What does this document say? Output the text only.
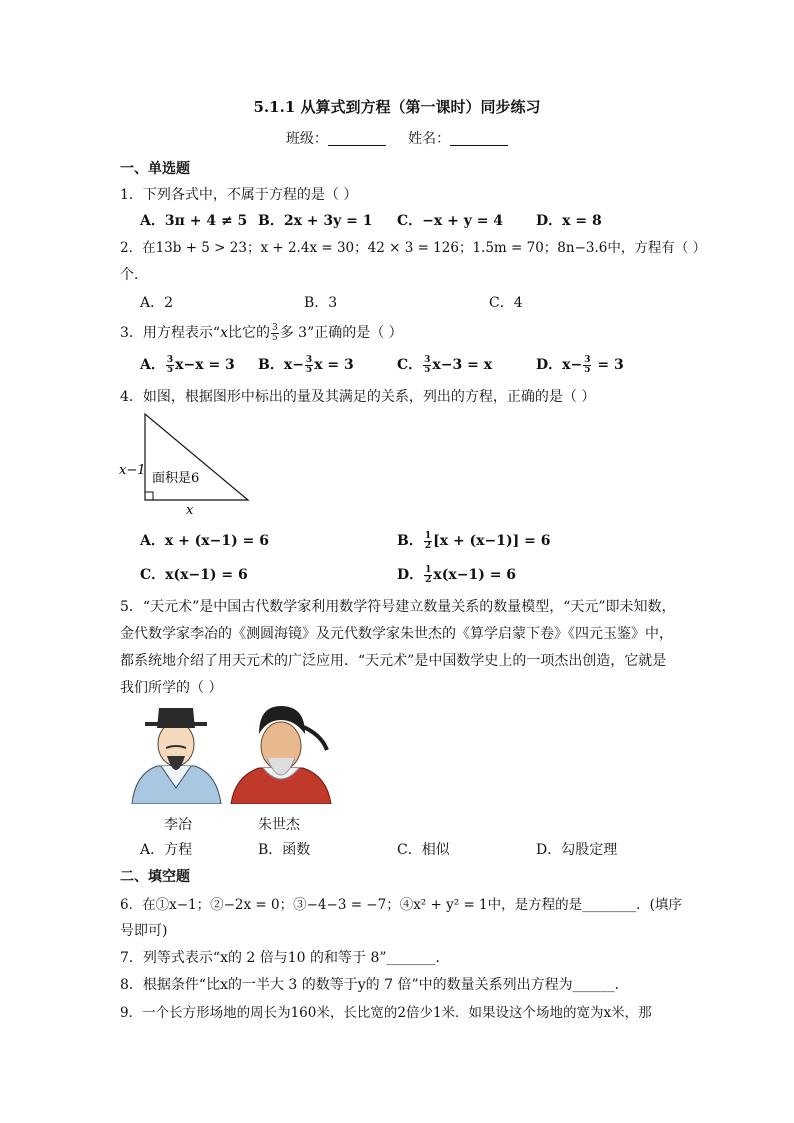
5.1.1 从算式到方程（第一课时）同步练习
班级：	姓名：
一、单选题
1．下列各式中，不属于方程的是（ ）
A．3π + 4 ≠ 5 B．2x + 3y = 1 C．−x + y = 4 D．x = 8
2．在13b + 5 > 23；x + 2.4x = 30；42 × 3 = 126；1.5m = 70；8n−3.6中，方程有（ ）
个．
A．2	B．3	C．4
3．用方程表示“x比它的 $\frac{3}{5}$ 多 3”正确的是（ ）
A． $\frac{3}{5} x-x = 3$ B．$x- \frac{3}{5}$ x = 3	C． $\frac{3}{5} x-3 = x$	D．$x- \frac{3}{5} = 3$
4．如图，根据图形中标出的量及其满足的关系，列出的方程，正确的是（ ）
x−1
面积是6
x
A．x + (x−1) = 6	B． $\frac{1}{2} [x + (x-1)] = 6$
C．x(x−1) = 6	D． $\frac{1}{2} x(x-1) = 6$
5．“天元术”是中国古代数学家利用数学符号建立数量关系的数量模型，“天元”即未知数，
金代数学家李冶的《测圆海镜》及元代数学家朱世杰的《算学启蒙下卷》《四元玉鉴》中，
都系统地介绍了用天元术的广泛应用．“天元术”是中国数学史上的一项杰出创造，它就是
我们所学的（ ）
李冶	朱世杰
A．方程	B．函数	C．相似	D．勾股定理
二、填空题
6．在①x−1；②−2x = 0；③−4−3 = −7；④x² + y² = 1中，是方程的是________．(填序
号即可)
7．列等式表示“x的 2 倍与10 的和等于 8”_______．
8．根据条件“比x的一半大 3 的数等于y的 7 倍”中的数量关系列出方程为______．
9．一个长方形场地的周长为160米，长比宽的2倍少1米．如果设这个场地的宽为x米，那
